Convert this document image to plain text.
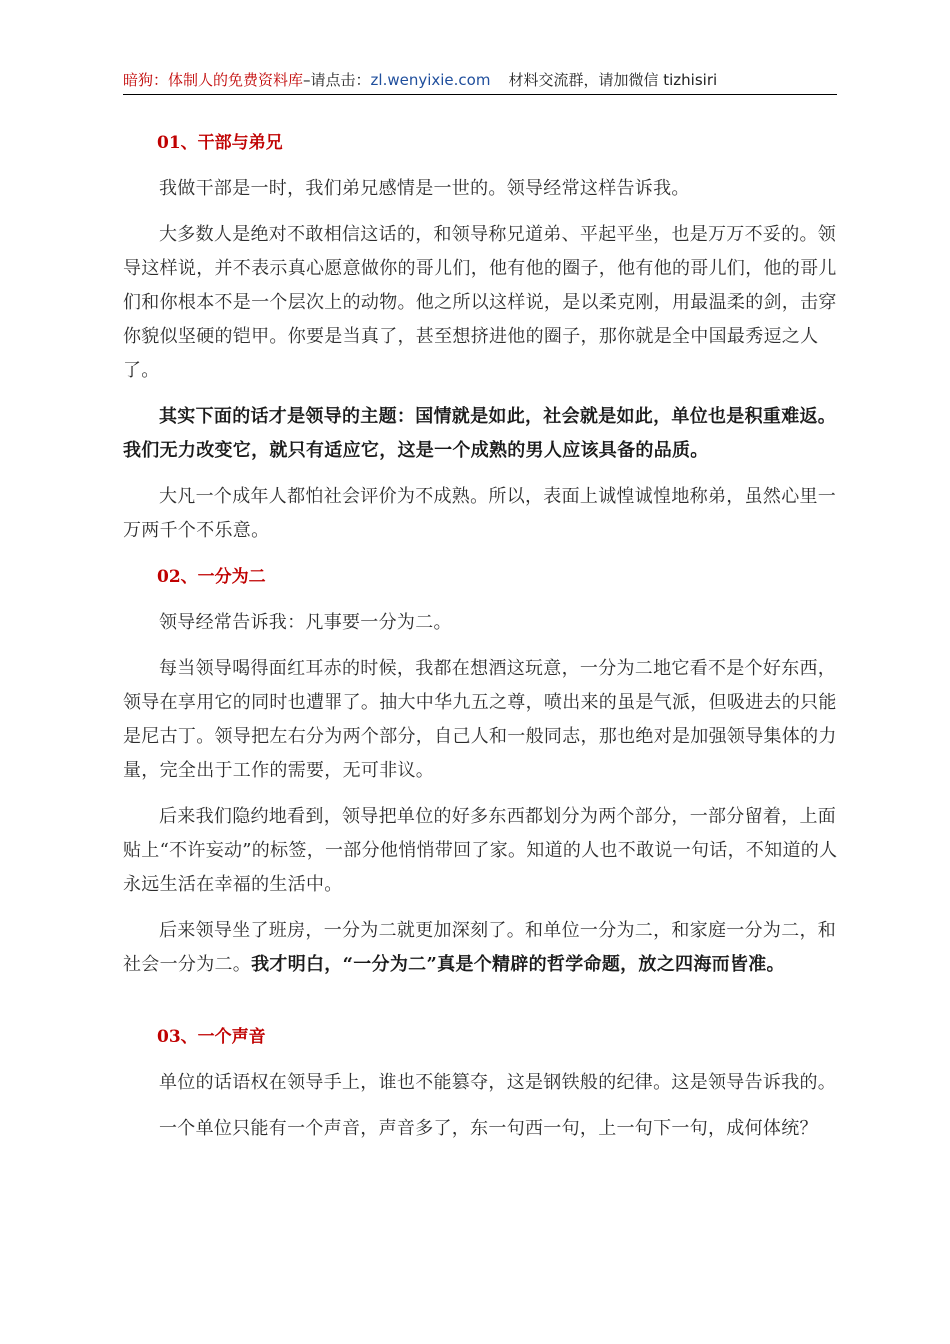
暗狗：体制人的免费资料库–请点击：zl.wenyixie.com 材料交流群，请加微信 tizhisiri
01、干部与弟兄

我做干部是一时，我们弟兄感情是一世的。领导经常这样告诉我。

大多数人是绝对不敢相信这话的，和领导称兄道弟、平起平坐，也是万万不妥的。领导这样说，并不表示真心愿意做你的哥儿们，他有他的圈子，他有他的哥儿们，他的哥儿们和你根本不是一个层次上的动物。他之所以这样说，是以柔克刚，用最温柔的剑，击穿你貌似坚硬的铠甲。你要是当真了，甚至想挤进他的圈子，那你就是全中国最秀逗之人了。

其实下面的话才是领导的主题：国情就是如此，社会就是如此，单位也是积重难返。我们无力改变它，就只有适应它，这是一个成熟的男人应该具备的品质。

大凡一个成年人都怕社会评价为不成熟。所以，表面上诚惶诚惶地称弟，虽然心里一万两千个不乐意。

02、一分为二

领导经常告诉我：凡事要一分为二。

每当领导喝得面红耳赤的时候，我都在想酒这玩意，一分为二地它看不是个好东西，领导在享用它的同时也遭罪了。抽大中华九五之尊，喷出来的虽是气派，但吸进去的只能是尼古丁。领导把左右分为两个部分，自己人和一般同志，那也绝对是加强领导集体的力量，完全出于工作的需要，无可非议。

后来我们隐约地看到，领导把单位的好多东西都划分为两个部分，一部分留着，上面贴上“不许妄动”的标签，一部分他悄悄带回了家。知道的人也不敢说一句话，不知道的人永远生活在幸福的生活中。

后来领导坐了班房，一分为二就更加深刻了。和单位一分为二，和家庭一分为二，和社会一分为二。我才明白，“一分为二”真是个精辟的哲学命题，放之四海而皆准。

03、一个声音

单位的话语权在领导手上，谁也不能篡夺，这是钢铁般的纪律。这是领导告诉我的。

一个单位只能有一个声音，声音多了，东一句西一句，上一句下一句，成何体统？
